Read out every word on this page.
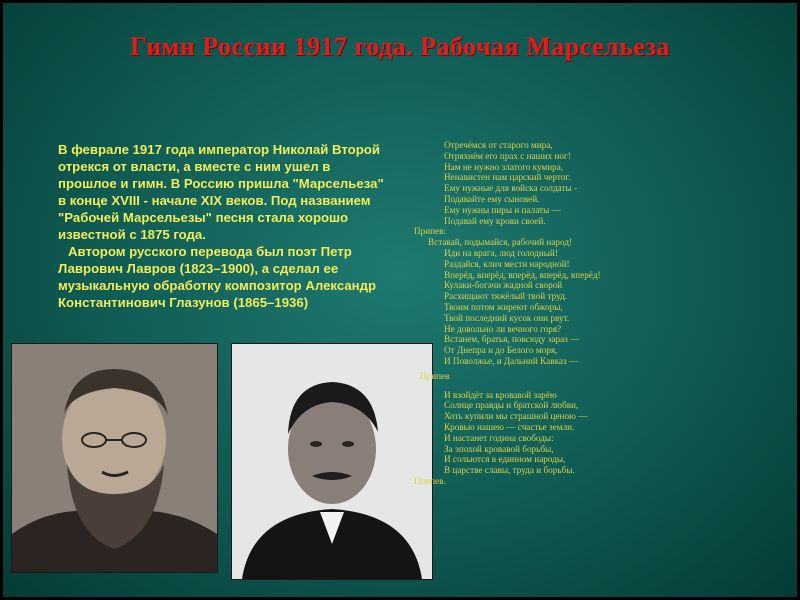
Гимн России 1917 года. Рабочая Марсельеза

В феврале 1917 года император Николай Второй отрекся от власти, а вместе с ним ушел в прошлое и гимн. В Россию пришла "Марсельеза" в конце XVIII - начале XIX веков. Под названием "Рабочей Марсельезы" песня стала хорошо известной с 1875 года.

Автором русского перевода был поэт Петр Лаврович Лавров (1823–1900), а сделал ее музыкальную обработку композитор Александр Константинович Глазунов (1865–1936)

Отречёмся от старого мира,
Отряхнём его прах с наших ног!
Нам не нужно златого кумира,
Ненавистен нам царский чертог.
Ему нужные для войска солдаты -
Подавайте ему сыновей.
Ему нужны пиры и палаты —
Подавай ему крови своей.
Припев:
Вставай, подымайся, рабочий народ!
Иди на врага, люд голодный!
Раздайся, клич мести народной!
Вперёд, вперёд, вперёд, вперёд, вперёд!
Кулаки-богачи жадной сворой
Расхищают тяжёлый твой труд.
Твоим потом жиреют обжоры,
Твой последний кусок они рвут.
Не довольно ли вечного горя?
Встанем, братья, повсюду зараз —
От Днепра и до Белого моря,
И Поволжье, и Дальний Кавказ —
Припев
И взойдёт за кровавой зарёю
Солнце правды и братской любви,
Хоть купили мы страшной ценою —
Кровью нашею — счастье земли.
И настанет година свободы:
За эпохой кровавой борьбы,
И сольются в единном народы,
В царстве славы, труда и борьбы.
Припев.
